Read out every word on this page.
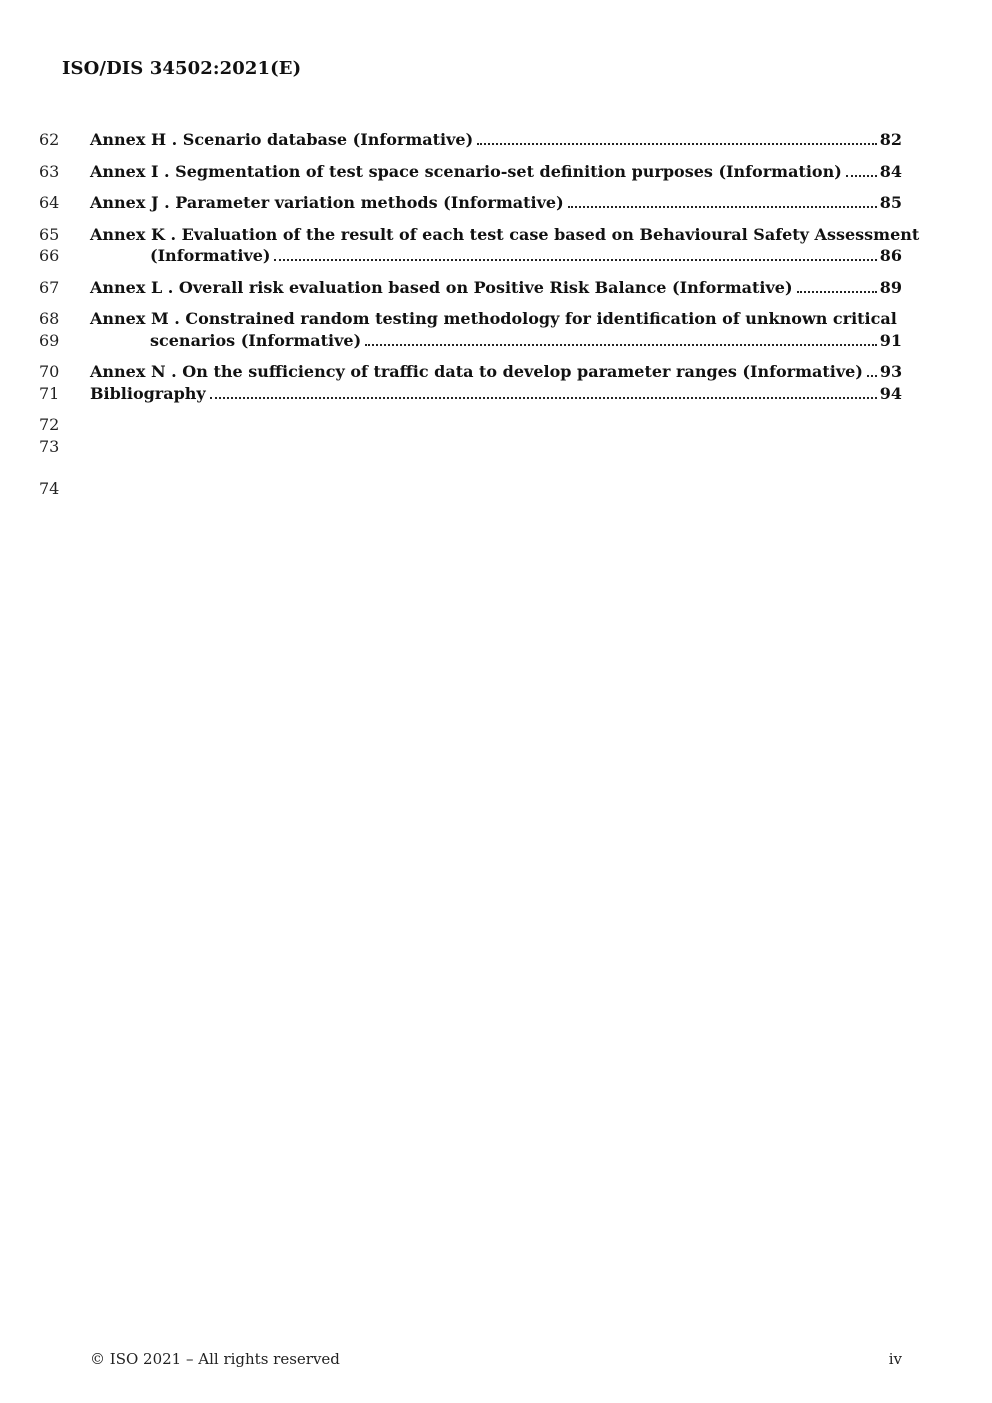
ISO/DIS 34502:2021(E)
62
63
64
65
66
67
68
69
70
71
72
73
74
Annex H . Scenario database (Informative)	82
Annex I . Segmentation of test space scenario-set definition purposes (Information) 84
Annex J . Parameter variation methods (Informative)	85
Annex K . Evaluation of the result of each test case based on Behavioural Safety Assessment
(Informative)	86
Annex L . Overall risk evaluation based on Positive Risk Balance (Informative)	89
Annex M . Constrained random testing methodology for identification of unknown critical
scenarios (Informative)	91
Annex N . On the sufficiency of traffic data to develop parameter ranges (Informative) 93
Bibliography	94
© ISO 2021 – All rights reserved	iv
